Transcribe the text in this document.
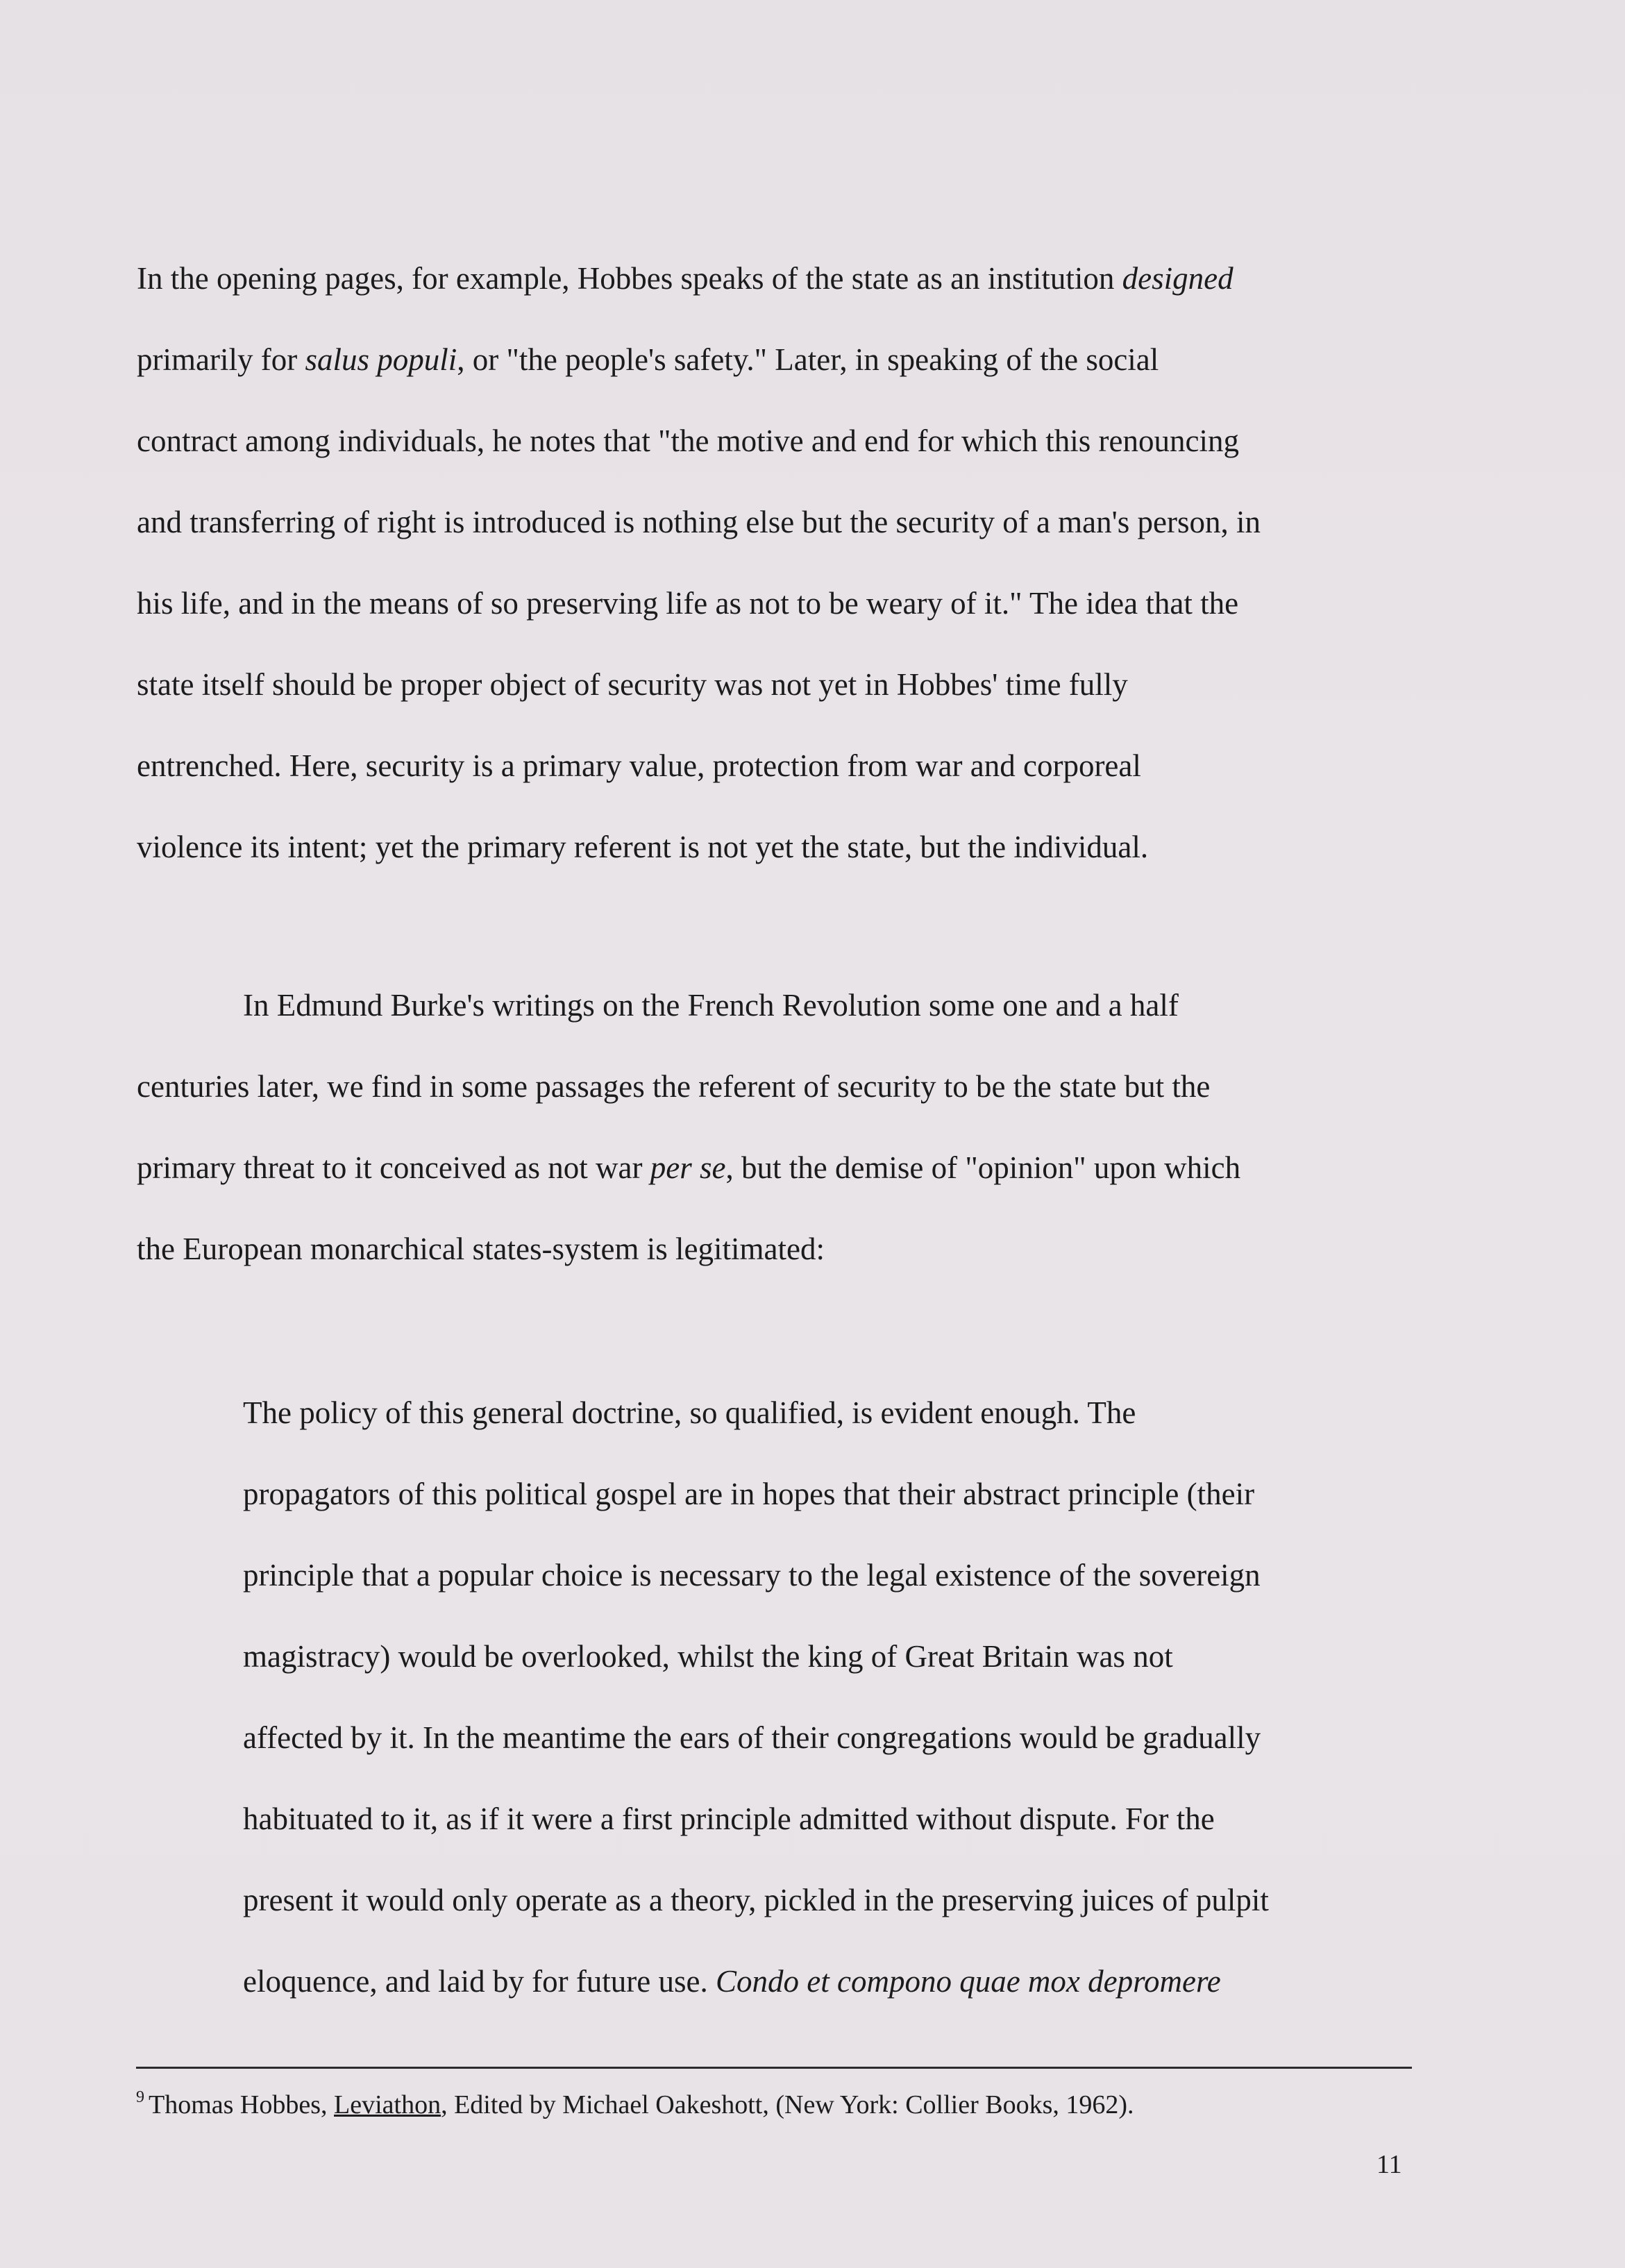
In the opening pages, for example, Hobbes speaks of the state as an institution designed
primarily for salus populi, or "the people's safety." Later, in speaking of the social
contract among individuals, he notes that "the motive and end for which this renouncing
and transferring of right is introduced is nothing else but the security of a man's person, in
his life, and in the means of so preserving life as not to be weary of it." The idea that the
state itself should be proper object of security was not yet in Hobbes' time fully
entrenched. Here, security is a primary value, protection from war and corporeal
violence its intent; yet the primary referent is not yet the state, but the individual.
In Edmund Burke's writings on the French Revolution some one and a half
centuries later, we find in some passages the referent of security to be the state but the
primary threat to it conceived as not war per se, but the demise of "opinion" upon which
the European monarchical states-system is legitimated:
The policy of this general doctrine, so qualified, is evident enough. The
propagators of this political gospel are in hopes that their abstract principle (their
principle that a popular choice is necessary to the legal existence of the sovereign
magistracy) would be overlooked, whilst the king of Great Britain was not
affected by it. In the meantime the ears of their congregations would be gradually
habituated to it, as if it were a first principle admitted without dispute. For the
present it would only operate as a theory, pickled in the preserving juices of pulpit
eloquence, and laid by for future use. Condo et compono quae mox depromere
$^9$ Thomas Hobbes, Leviathon, Edited by Michael Oakeshott, (New York: Collier Books, 1962).
11
